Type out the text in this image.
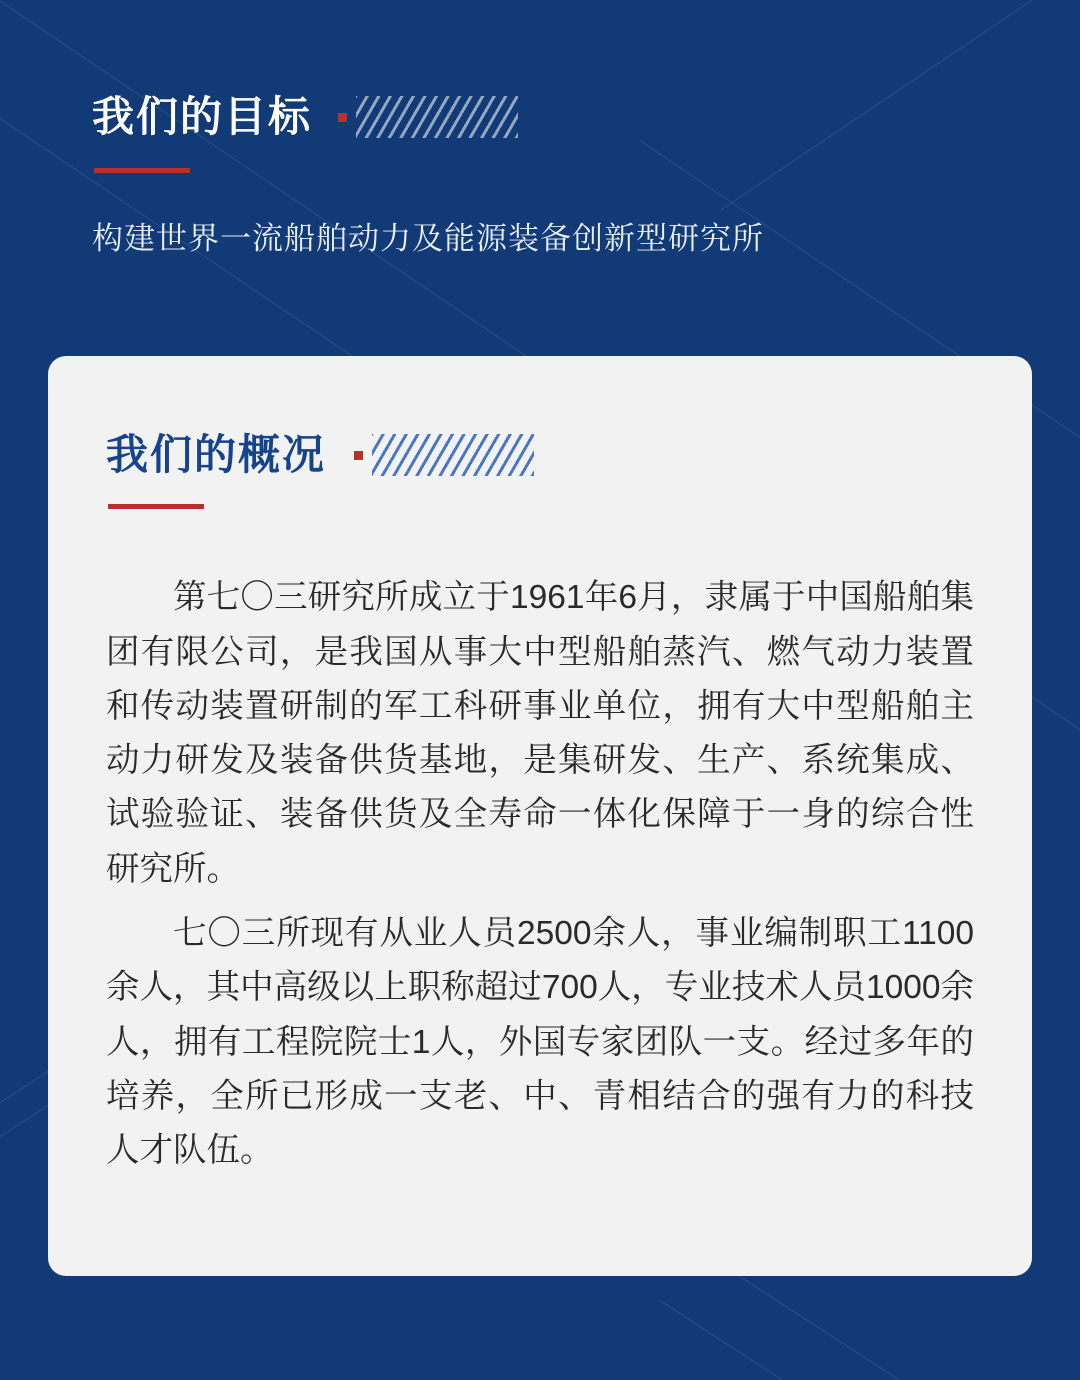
我们的目标
构建世界一流船舶动力及能源装备创新型研究所
我们的概况

第七〇三研究所成立于1961年6月，隶属于中国船舶集团有限公司，是我国从事大中型船舶蒸汽、燃气动力装置和传动装置研制的军工科研事业单位，拥有大中型船舶主动力研发及装备供货基地，是集研发、生产、系统集成、试验验证、装备供货及全寿命一体化保障于一身的综合性研究所。

七〇三所现有从业人员2500余人，事业编制职工1100余人，其中高级以上职称超过700人，专业技术人员1000余人，拥有工程院院士1人，外国专家团队一支。经过多年的培养，全所已形成一支老、中、青相结合的强有力的科技人才队伍。
